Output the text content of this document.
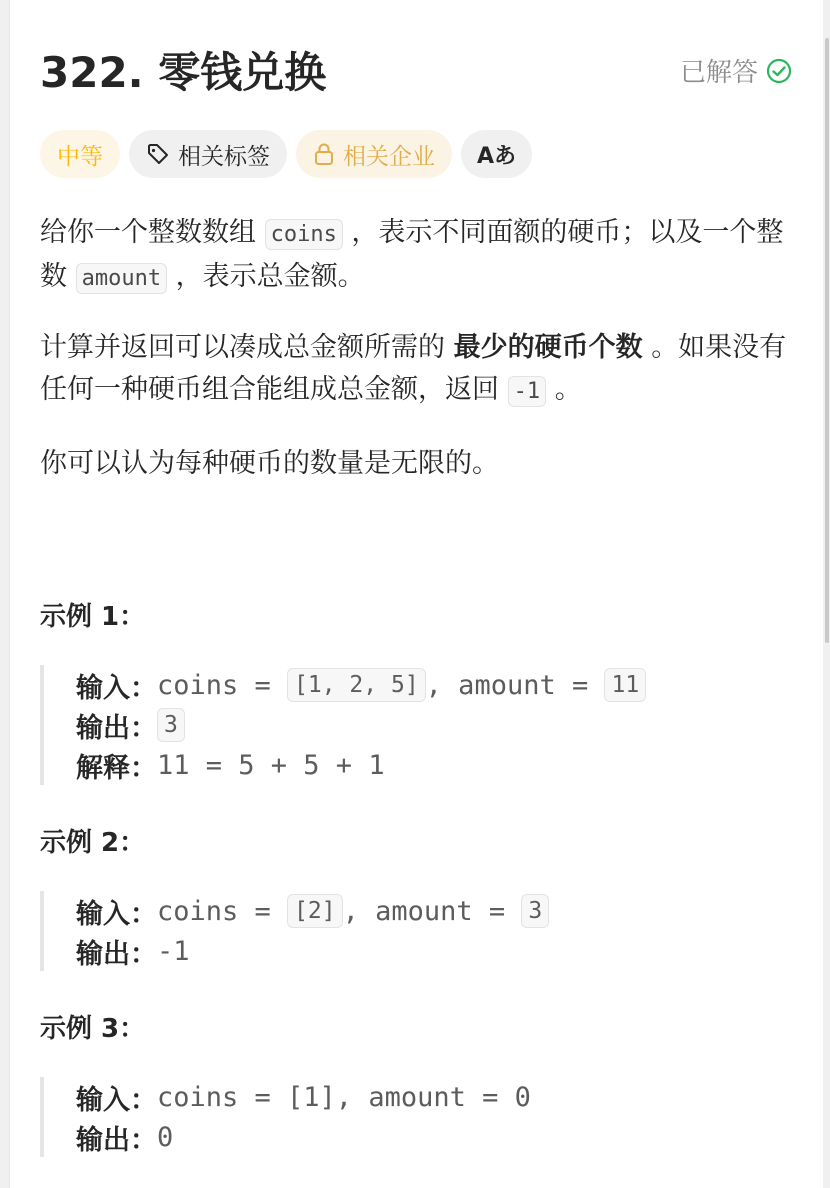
322. 零钱兑换	已解答
中等	相关标签	相关企业 Aあ
给你一个整数数组 coins ，表示不同面额的硬币；以及一个整数 amount ，表示总金额。
计算并返回可以凑成总金额所需的 最少的硬币个数 。如果没有任何一种硬币组合能组成总金额，返回 -1 。
你可以认为每种硬币的数量是无限的。
示例 1：
输入： coins = [1, 2, 5] , amount = 11
输出： 3
解释： 11 = 5 + 5 + 1
示例 2：
输入： coins = [2] , amount = 3
输出： -1
示例 3：
输入： coins = [1], amount = 0
输出： 0
